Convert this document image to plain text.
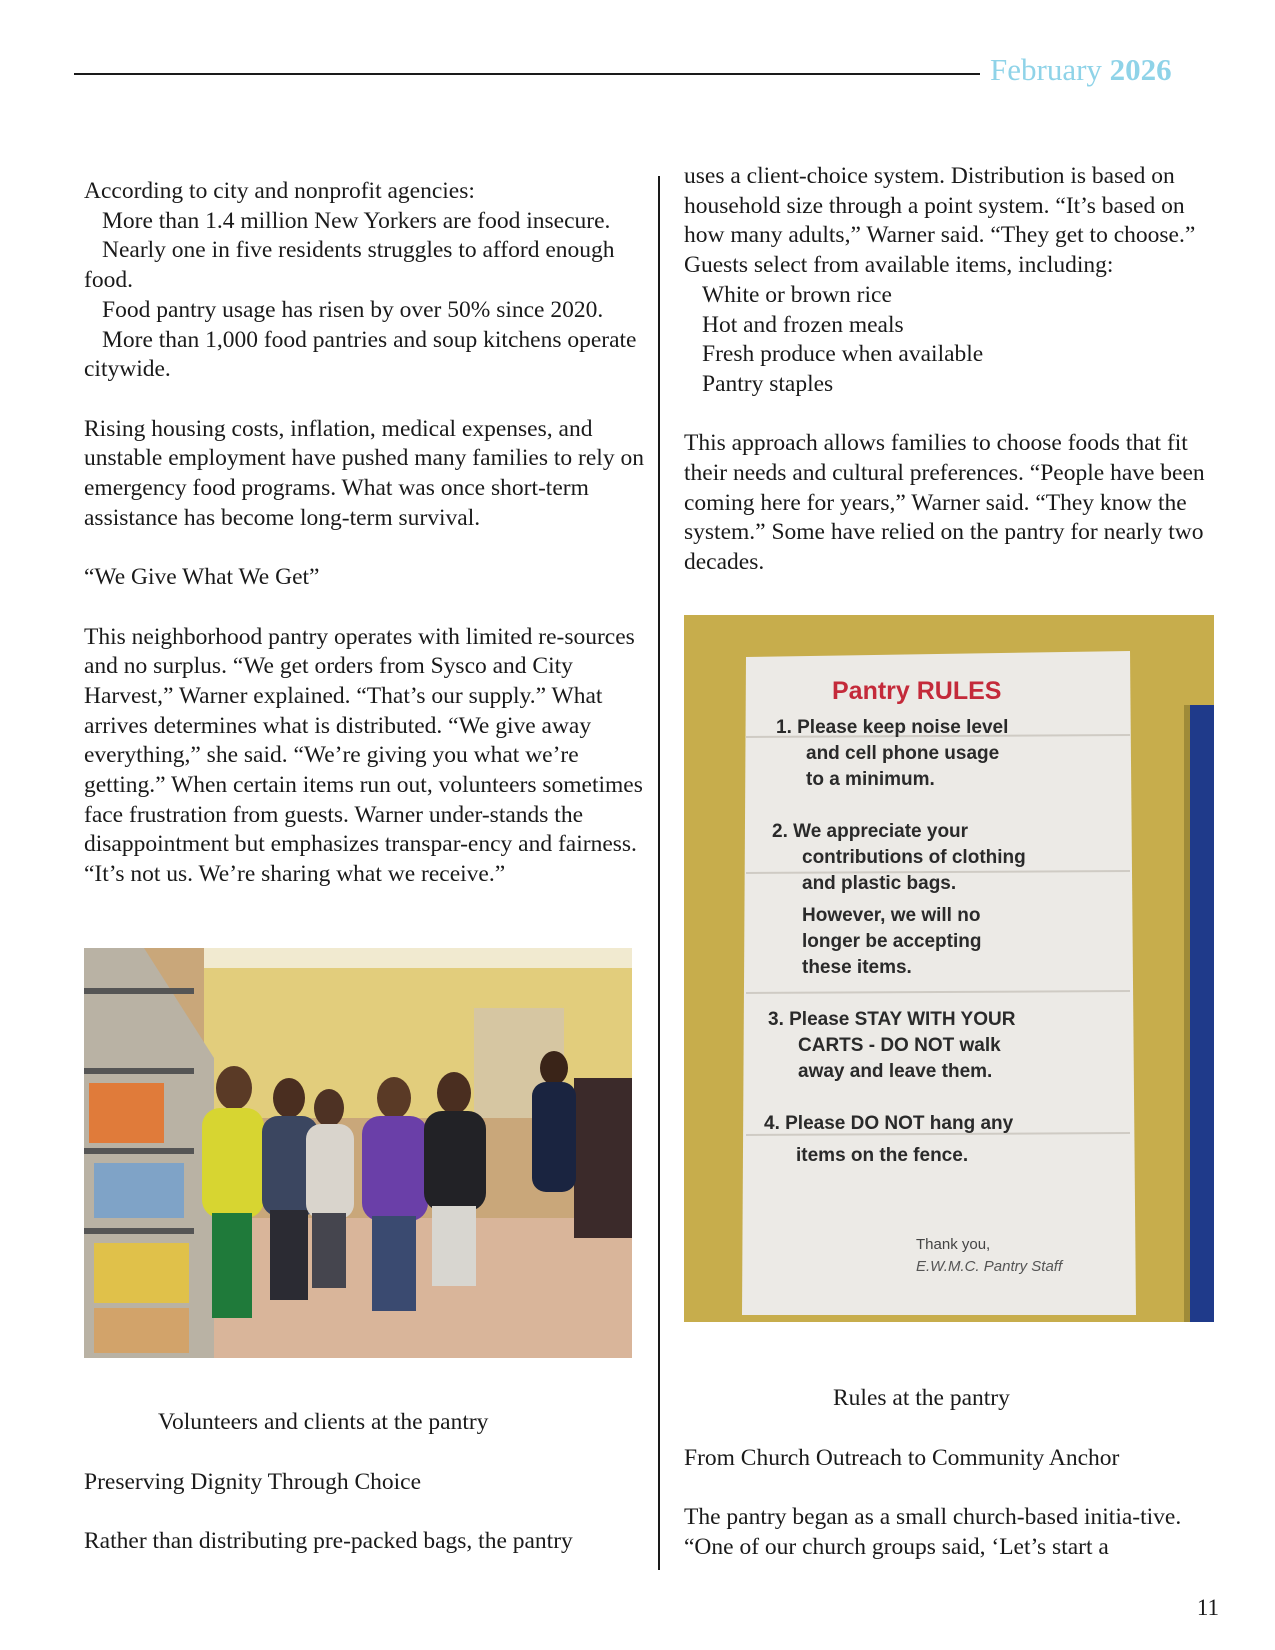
February 2026

According to city and nonprofit agencies:

More than 1.4 million New Yorkers are food insecure.

Nearly one in five residents struggles to afford enough food.

Food pantry usage has risen by over 50% since 2020.

More than 1,000 food pantries and soup kitchens operate citywide.

Rising housing costs, inflation, medical expenses, and unstable employment have pushed many families to rely on emergency food programs. What was once short-term assistance has become long-term survival.

“We Give What We Get”

This neighborhood pantry operates with limited re-sources and no surplus. “We get orders from Sysco and City Harvest,” Warner explained. “That’s our supply.” What arrives determines what is distributed. “We give away everything,” she said. “We’re giving you what we’re getting.” When certain items run out, volunteers sometimes face frustration from guests. Warner under-stands the disappointment but emphasizes transpar-ency and fairness. “It’s not us. We’re sharing what we receive.”

Volunteers and clients at the pantry

Preserving Dignity Through Choice

Rather than distributing pre-packed bags, the pantry

uses a client-choice system. Distribution is based on household size through a point system. “It’s based on how many adults,” Warner said. “They get to choose.” Guests select from available items, including:

White or brown rice

Hot and frozen meals

Fresh produce when available

Pantry staples

This approach allows families to choose foods that fit their needs and cultural preferences. “People have been coming here for years,” Warner said. “They know the system.” Some have relied on the pantry for nearly two decades.

Pantry RULES
1. Please keep noise level
and cell phone usage
to a minimum.
2. We appreciate your
contributions of clothing
and plastic bags.
However, we will no
longer be accepting
these items.
3. Please STAY WITH YOUR
CARTS - DO NOT walk
away and leave them.
4. Please DO NOT hang any
items on the fence.
Thank you,
E.W.M.C. Pantry Staff
Rules at the pantry

From Church Outreach to Community Anchor

The pantry began as a small church-based initia-tive. “One of our church groups said, ‘Let’s start a

11
